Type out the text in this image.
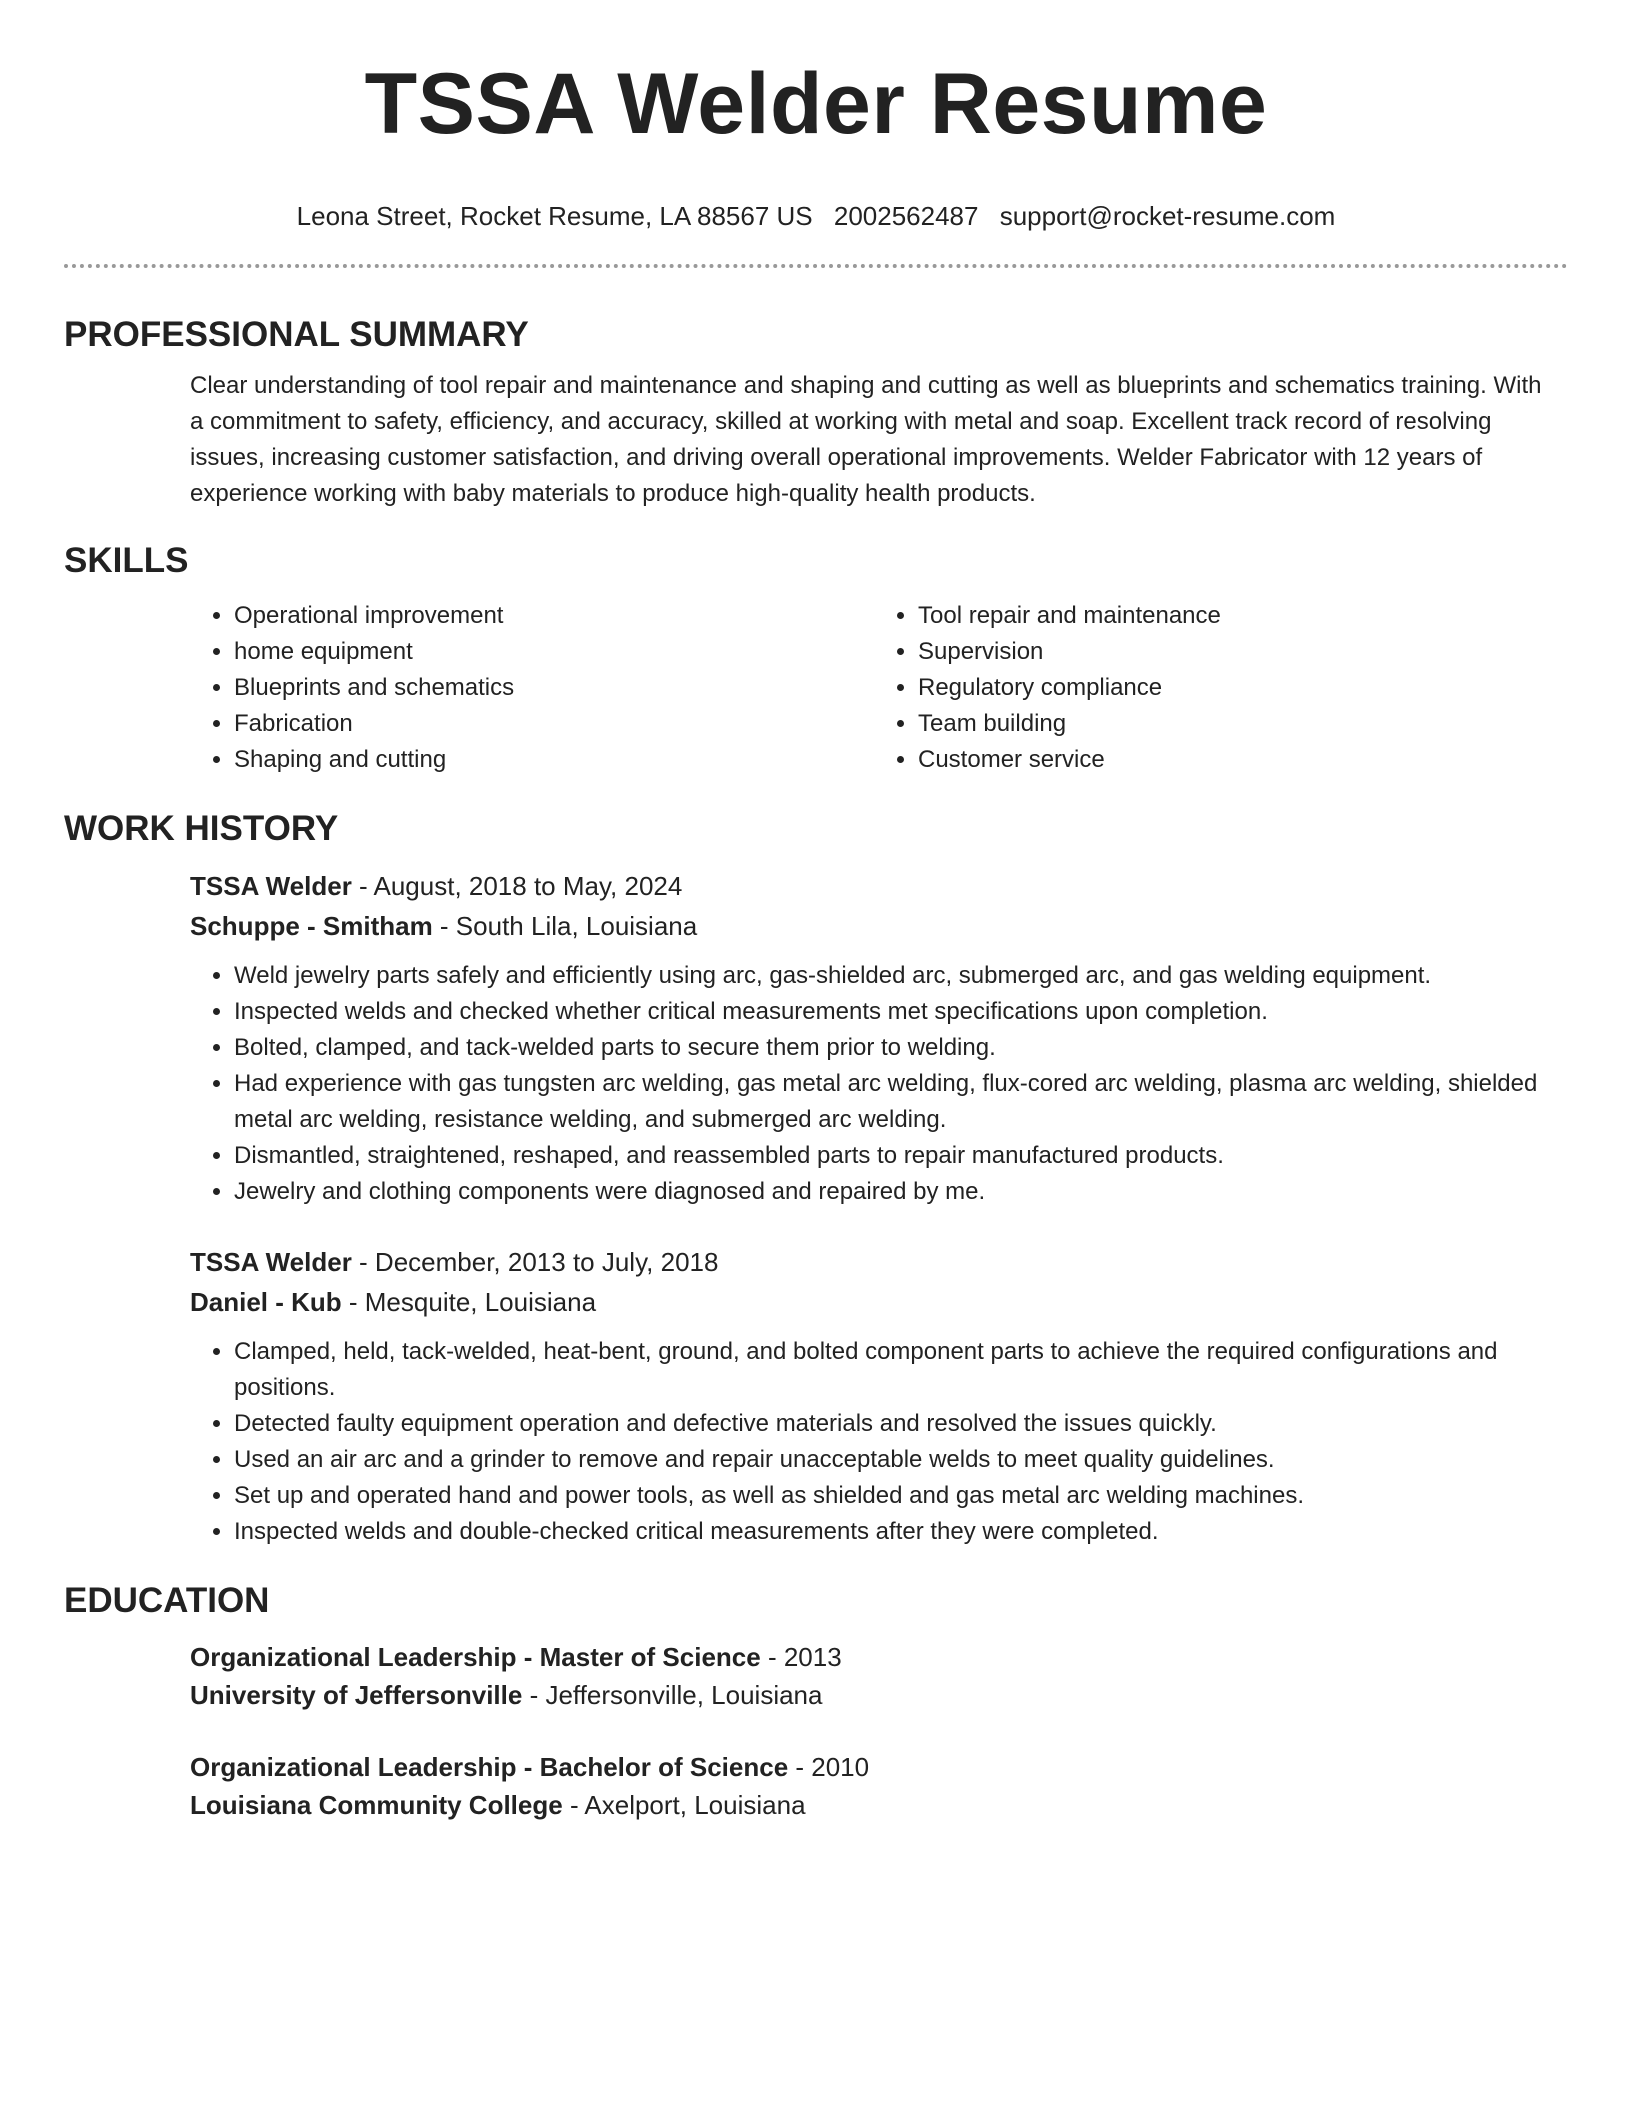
TSSA Welder Resume
Leona Street, Rocket Resume, LA 88567 US 2002562487 support@rocket-resume.com
PROFESSIONAL SUMMARY

Clear understanding of tool repair and maintenance and shaping and cutting as well as blueprints and schematics training. With a commitment to safety, efficiency, and accuracy, skilled at working with metal and soap. Excellent track record of resolving issues, increasing customer satisfaction, and driving overall operational improvements. Welder Fabricator with 12 years of experience working with baby materials to produce high-quality health products.

SKILLS
• Operational improvement
• home equipment
• Blueprints and schematics
• Fabrication
• Shaping and cutting
• Tool repair and maintenance
• Supervision
• Regulatory compliance
• Team building
• Customer service
WORK HISTORY
TSSA Welder - August, 2018 to May, 2024
Schuppe - Smitham - South Lila, Louisiana
• Weld jewelry parts safely and efficiently using arc, gas-shielded arc, submerged arc, and gas welding equipment.
• Inspected welds and checked whether critical measurements met specifications upon completion.
• Bolted, clamped, and tack-welded parts to secure them prior to welding.
• Had experience with gas tungsten arc welding, gas metal arc welding, flux-cored arc welding, plasma arc welding, shielded metal arc welding, resistance welding, and submerged arc welding.
• Dismantled, straightened, reshaped, and reassembled parts to repair manufactured products.
• Jewelry and clothing components were diagnosed and repaired by me.
TSSA Welder - December, 2013 to July, 2018
Daniel - Kub - Mesquite, Louisiana
• Clamped, held, tack-welded, heat-bent, ground, and bolted component parts to achieve the required configurations and positions.
• Detected faulty equipment operation and defective materials and resolved the issues quickly.
• Used an air arc and a grinder to remove and repair unacceptable welds to meet quality guidelines.
• Set up and operated hand and power tools, as well as shielded and gas metal arc welding machines.
• Inspected welds and double-checked critical measurements after they were completed.
EDUCATION
Organizational Leadership - Master of Science - 2013
University of Jeffersonville - Jeffersonville, Louisiana
Organizational Leadership - Bachelor of Science - 2010
Louisiana Community College - Axelport, Louisiana
